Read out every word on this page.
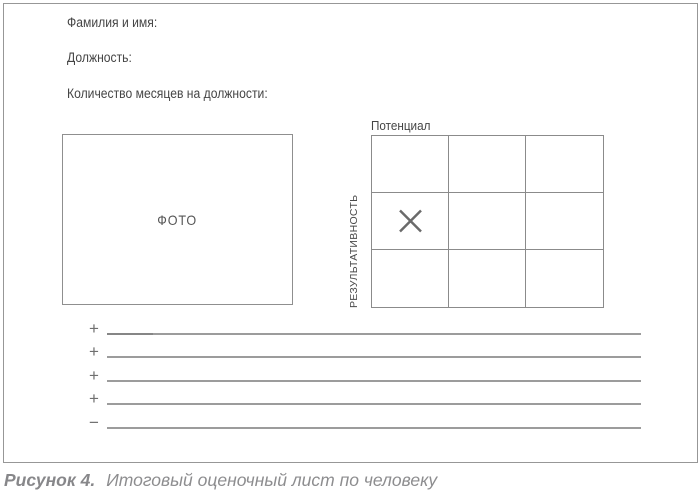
Фамилия и имя:
Должность:
Количество месяцев на должности:
ФОТО
Потенциал
РЕЗУЛЬТАТИВНОСТЬ
+
+
+
+
−
Рисунок 4. Итоговый оценочный лист по человеку
